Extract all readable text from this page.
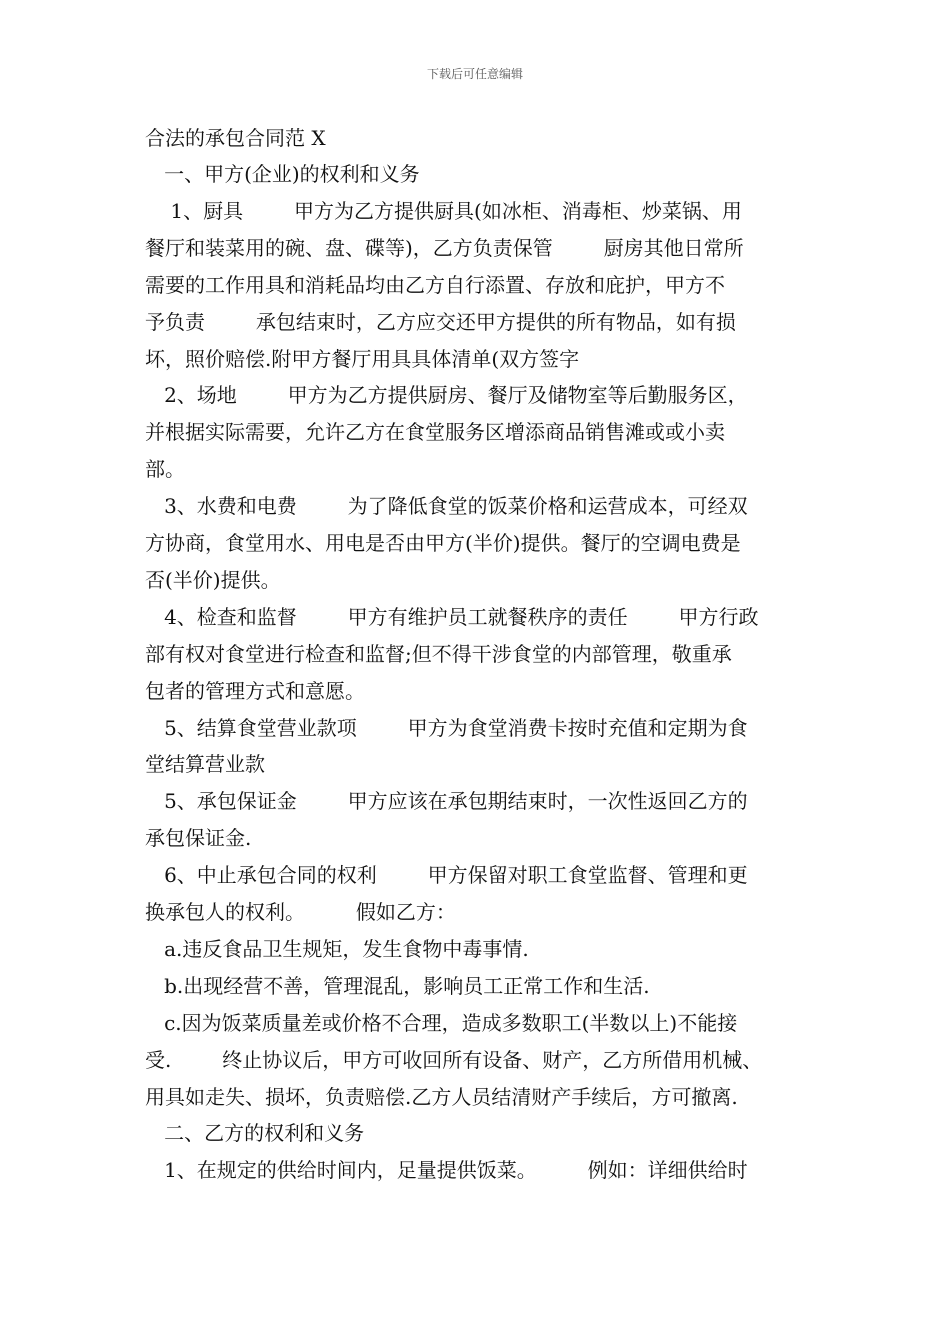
下载后可任意编辑
合法的承包合同范 X
一、甲方(企业)的权利和义务
1、厨具        甲方为乙方提供厨具(如冰柜、消毒柜、炒菜锅、用
餐厅和装菜用的碗、盘、碟等)，乙方负责保管        厨房其他日常所
需要的工作用具和消耗品均由乙方自行添置、存放和庇护，甲方不
予负责        承包结束时，乙方应交还甲方提供的所有物品，如有损
坏，照价赔偿.附甲方餐厅用具具体清单(双方签字
2、场地        甲方为乙方提供厨房、餐厅及储物室等后勤服务区，
并根据实际需要，允许乙方在食堂服务区增添商品销售滩或或小卖
部。
3、水费和电费        为了降低食堂的饭菜价格和运营成本，可经双
方协商，食堂用水、用电是否由甲方(半价)提供。餐厅的空调电费是
否(半价)提供。
4、检查和监督        甲方有维护员工就餐秩序的责任        甲方行政
部有权对食堂进行检查和监督;但不得干涉食堂的内部管理，敬重承
包者的管理方式和意愿。
5、结算食堂营业款项        甲方为食堂消费卡按时充值和定期为食
堂结算营业款
5、承包保证金        甲方应该在承包期结束时，一次性返回乙方的
承包保证金.
6、中止承包合同的权利        甲方保留对职工食堂监督、管理和更
换承包人的权利。        假如乙方：
a.违反食品卫生规矩，发生食物中毒事情.
b.出现经营不善，管理混乱，影响员工正常工作和生活.
c.因为饭菜质量差或价格不合理，造成多数职工(半数以上)不能接
受.        终止协议后，甲方可收回所有设备、财产，乙方所借用机械、
用具如走失、损坏，负责赔偿.乙方人员结清财产手续后，方可撤离.
二、乙方的权利和义务
1、在规定的供给时间内，足量提供饭菜。        例如：详细供给时
